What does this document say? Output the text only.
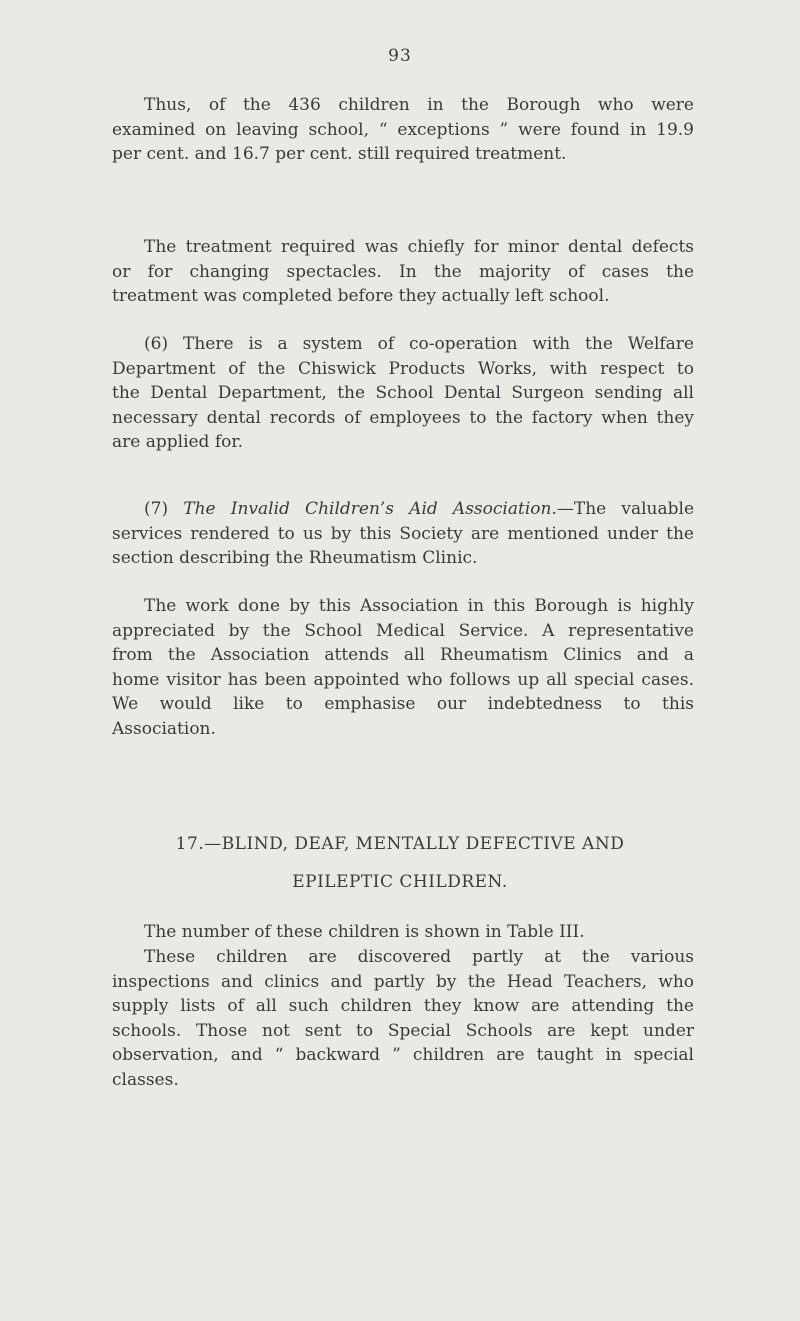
93
Thus, of the 436 children in the Borough who were
examined on leaving school, “ exceptions ” were found in 19.9
per cent. and 16.7 per cent. still required treatment.
The treatment required was chiefly for minor dental defects
or for changing spectacles. In the majority of cases the
treatment was completed before they actually left school.
(6) There is a system of co-operation with the Welfare
Department of the Chiswick Products Works, with respect to
the Dental Department, the School Dental Surgeon sending all
necessary dental records of employees to the factory when they
are applied for.
(7) The Invalid Children’s Aid Association.—The valuable
services rendered to us by this Society are mentioned under the
section describing the Rheumatism Clinic.
The work done by this Association in this Borough is highly
appreciated by the School Medical Service. A representative
from the Association attends all Rheumatism Clinics and a
home visitor has been appointed who follows up all special cases.
We would like to emphasise our indebtedness to this
Association.
17.—BLIND, DEAF, MENTALLY DEFECTIVE AND
EPILEPTIC CHILDREN.
The number of these children is shown in Table III.
These children are discovered partly at the various
inspections and clinics and partly by the Head Teachers, who
supply lists of all such children they know are attending the
schools. Those not sent to Special Schools are kept under
observation, and “ backward ” children are taught in special
classes.
